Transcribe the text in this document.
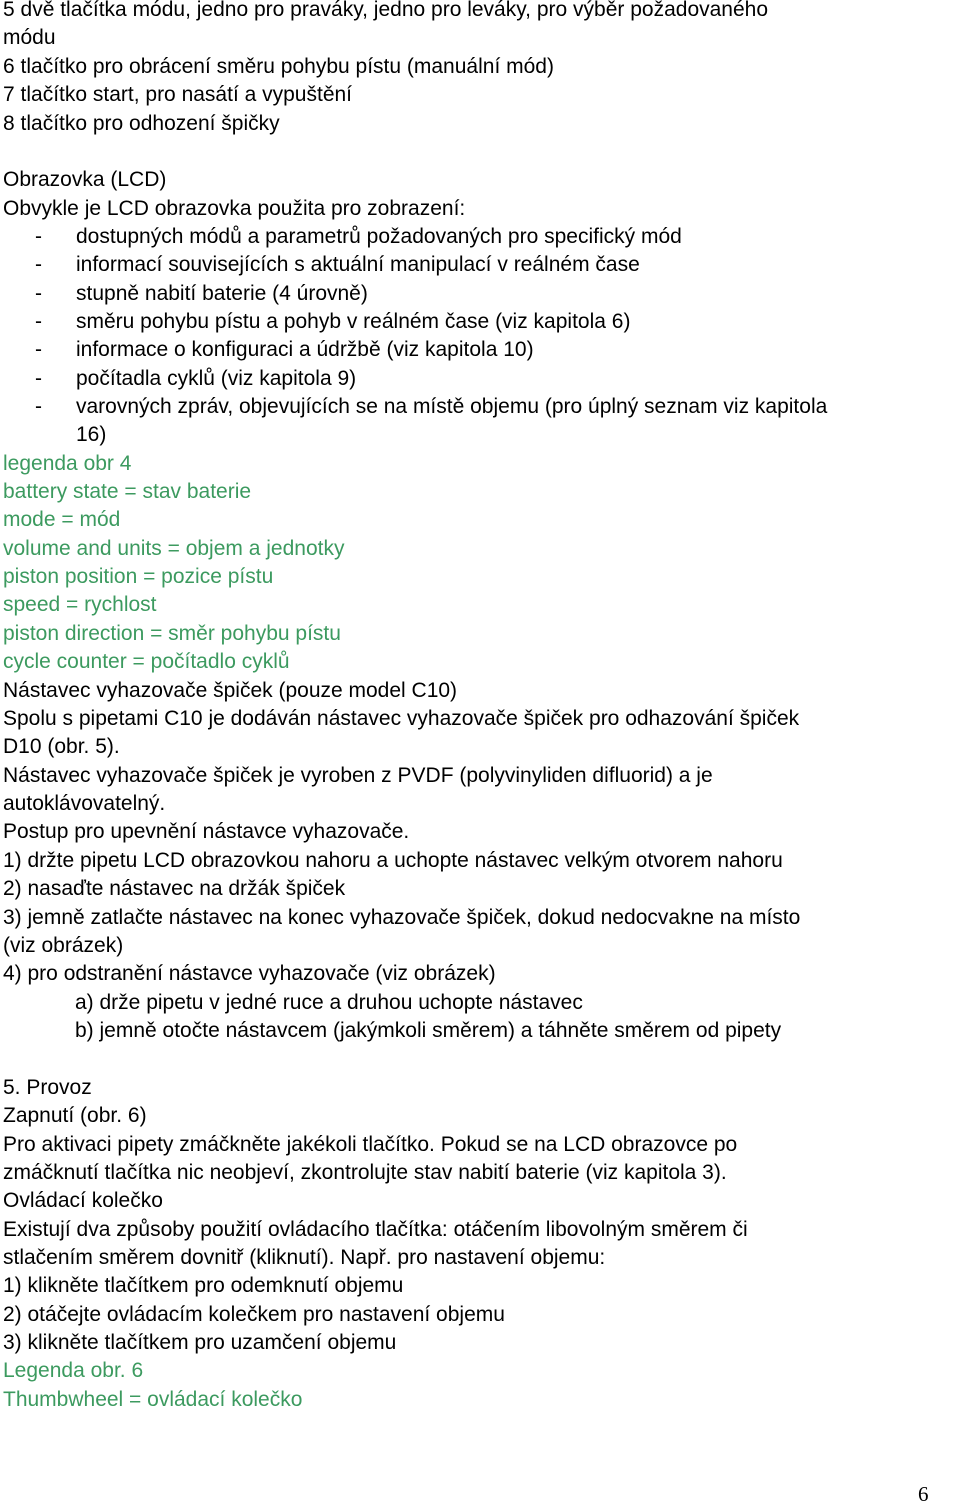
5 dvě tlačítka módu, jedno pro praváky, jedno pro leváky, pro výběr požadovaného
módu
6 tlačítko pro obrácení směru pohybu pístu (manuální mód)
7 tlačítko start, pro nasátí a vypuštění
8 tlačítko pro odhození špičky
Obrazovka (LCD)
Obvykle je LCD obrazovka použita pro zobrazení:
- dostupných módů a parametrů požadovaných pro specifický mód
- informací souvisejících s aktuální manipulací v reálném čase
- stupně nabití baterie (4 úrovně)
- směru pohybu pístu a pohyb v reálném čase (viz kapitola 6)
- informace o konfiguraci a údržbě (viz kapitola 10)
- počítadla cyklů (viz kapitola 9)
- varovných zpráv, objevujících se na místě objemu (pro úplný seznam viz kapitola
16)
legenda obr 4
battery state = stav baterie
mode = mód
volume and units = objem a jednotky
piston position = pozice pístu
speed = rychlost
piston direction = směr pohybu pístu
cycle counter = počítadlo cyklů
Nástavec vyhazovače špiček (pouze model C10)
Spolu s pipetami C10 je dodáván nástavec vyhazovače špiček pro odhazování špiček
D10 (obr. 5).
Nástavec vyhazovače špiček je vyroben z PVDF (polyvinyliden difluorid) a je
autoklávovatelný.
Postup pro upevnění nástavce vyhazovače.
1) držte pipetu LCD obrazovkou nahoru a uchopte nástavec velkým otvorem nahoru
2) nasaďte nástavec na držák špiček
3) jemně zatlačte nástavec na konec vyhazovače špiček, dokud nedocvakne na místo
(viz obrázek)
4) pro odstranění nástavce vyhazovače (viz obrázek)
a) drže pipetu v jedné ruce a druhou uchopte nástavec
b) jemně otočte nástavcem (jakýmkoli směrem) a táhněte směrem od pipety
5. Provoz
Zapnutí (obr. 6)
Pro aktivaci pipety zmáčkněte jakékoli tlačítko. Pokud se na LCD obrazovce po
zmáčknutí tlačítka nic neobjeví, zkontrolujte stav nabití baterie (viz kapitola 3).
Ovládací kolečko
Existují dva způsoby použití ovládacího tlačítka: otáčením libovolným směrem či
stlačením směrem dovnitř (kliknutí). Např. pro nastavení objemu:
1) klikněte tlačítkem pro odemknutí objemu
2) otáčejte ovládacím kolečkem pro nastavení objemu
3) klikněte tlačítkem pro uzamčení objemu
Legenda obr. 6
Thumbwheel = ovládací kolečko
6
